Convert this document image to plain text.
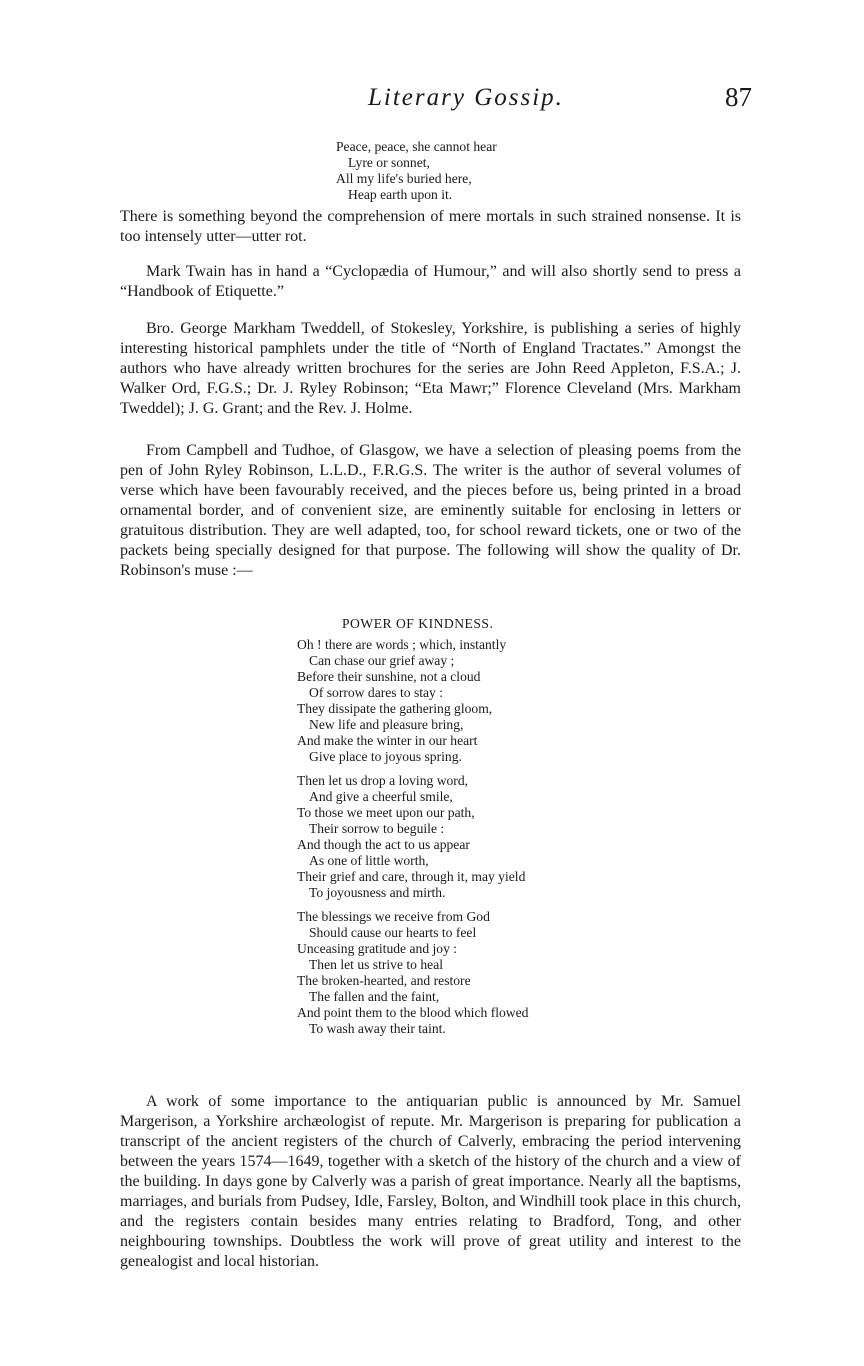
Literary Gossip.	87
Peace, peace, she cannot hear
Lyre or sonnet,
All my life's buried here,
Heap earth upon it.

There is something beyond the comprehension of mere mortals in such strained nonsense. It is too intensely utter—utter rot.

Mark Twain has in hand a “Cyclopædia of Humour,” and will also shortly send to press a “Handbook of Etiquette.”

Bro. George Markham Tweddell, of Stokesley, Yorkshire, is publishing a series of highly interesting historical pamphlets under the title of “North of England Tractates.” Amongst the authors who have already written brochures for the series are John Reed Appleton, F.S.A.; J. Walker Ord, F.G.S.; Dr. J. Ryley Robinson; “Eta Mawr;” Florence Cleveland (Mrs. Markham Tweddel); J. G. Grant; and the Rev. J. Holme.

From Campbell and Tudhoe, of Glasgow, we have a selection of pleasing poems from the pen of John Ryley Robinson, L.L.D., F.R.G.S. The writer is the author of several volumes of verse which have been favourably received, and the pieces before us, being printed in a broad ornamental border, and of convenient size, are eminently suitable for enclosing in letters or gratuitous distribution. They are well adapted, too, for school reward tickets, one or two of the packets being specially designed for that purpose. The following will show the quality of Dr. Robinson's muse :—

POWER OF KINDNESS.
Oh ! there are words ; which, instantly
Can chase our grief away ;
Before their sunshine, not a cloud
Of sorrow dares to stay :
They dissipate the gathering gloom,
New life and pleasure bring,
And make the winter in our heart
Give place to joyous spring.
Then let us drop a loving word,
And give a cheerful smile,
To those we meet upon our path,
Their sorrow to beguile :
And though the act to us appear
As one of little worth,
Their grief and care, through it, may yield
To joyousness and mirth.
The blessings we receive from God
Should cause our hearts to feel
Unceasing gratitude and joy :
Then let us strive to heal
The broken-hearted, and restore
The fallen and the faint,
And point them to the blood which flowed
To wash away their taint.

A work of some importance to the antiquarian public is announced by Mr. Samuel Margerison, a Yorkshire archæologist of repute. Mr. Margerison is preparing for publication a transcript of the ancient registers of the church of Calverly, embracing the period intervening between the years 1574—1649, together with a sketch of the history of the church and a view of the building. In days gone by Calverly was a parish of great importance. Nearly all the baptisms, marriages, and burials from Pudsey, Idle, Farsley, Bolton, and Windhill took place in this church, and the registers contain besides many entries relating to Bradford, Tong, and other neighbouring townships. Doubtless the work will prove of great utility and interest to the genealogist and local historian.
